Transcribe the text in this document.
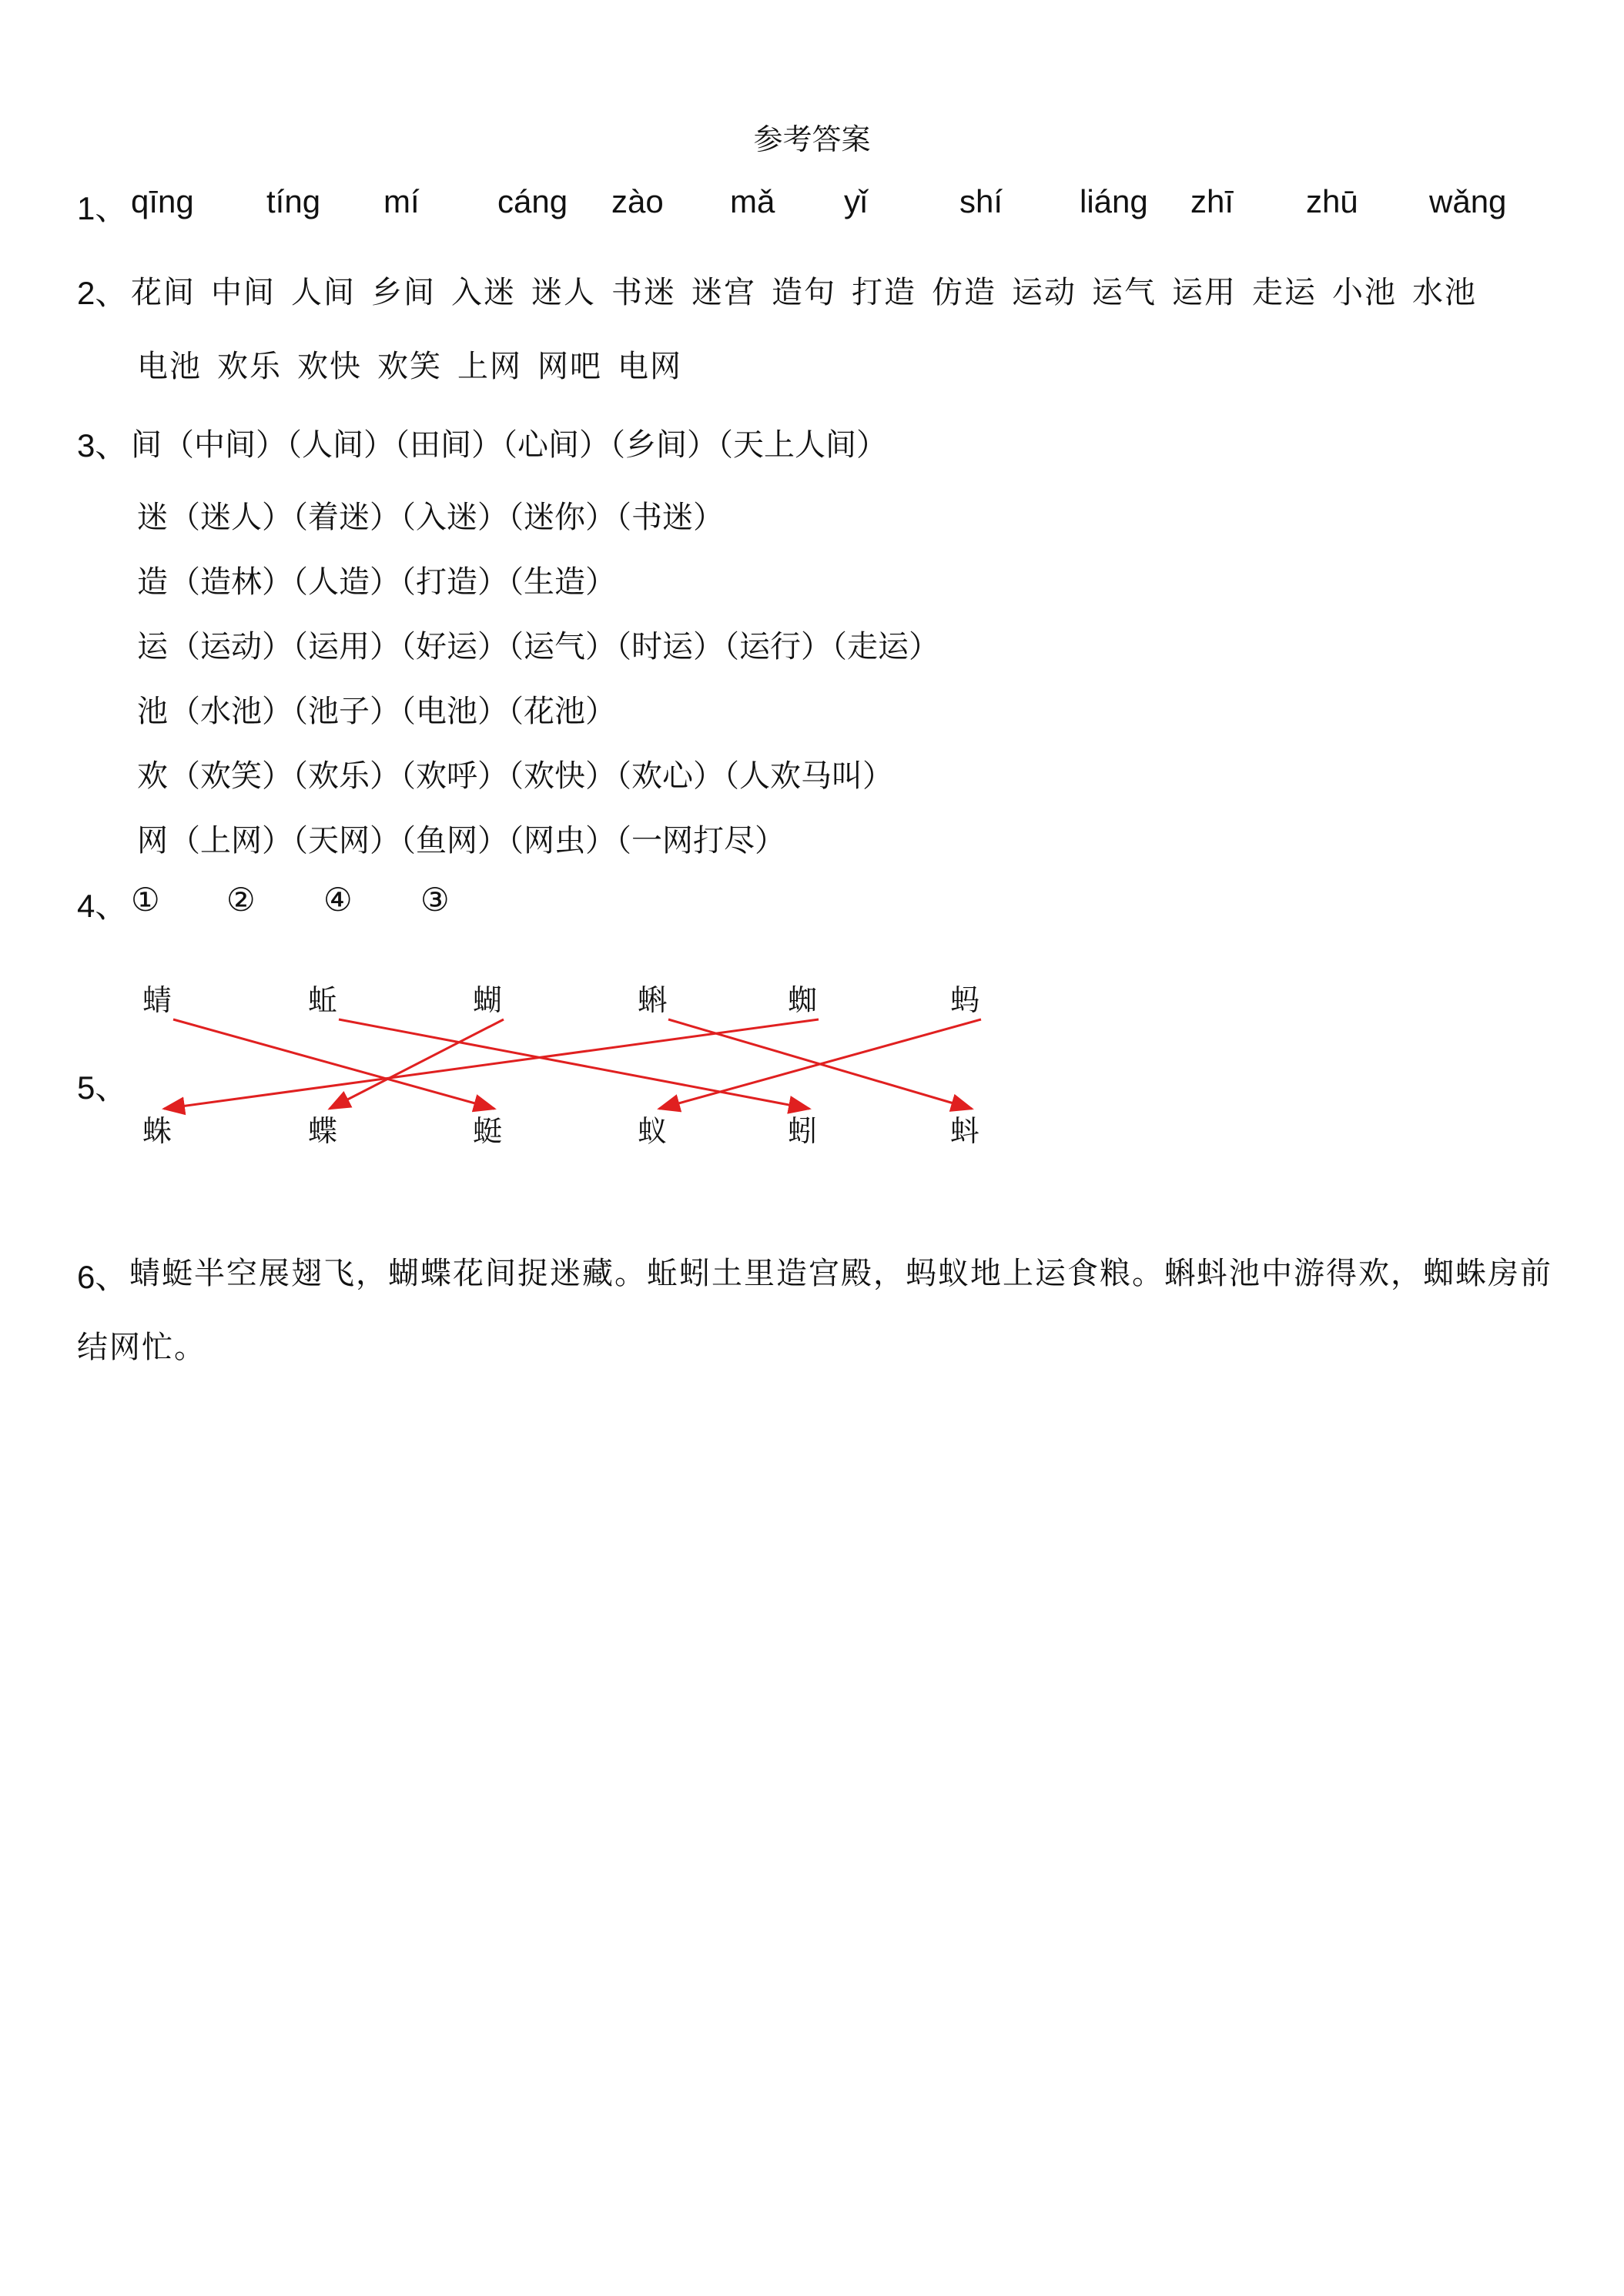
参考答案
1、 qīng tíng mí cáng zào mǎ yǐ	shí liáng zhī zhū wǎng
2、 花间 中间 人间 乡间 入迷 迷人 书迷 迷宫 造句 打造 仿造 运动 运气 运用 走运 小池 水池
电池 欢乐 欢快 欢笑 上网 网吧 电网
3、 间（中间）（人间）（田间）（心间）（乡间）（天上人间）
迷（迷人）（着迷）（入迷）（迷你）（书迷）
造（造林）（人造）（打造）（生造）
运（运动）（运用）（好运）（运气）（时运）（运行）（走运）
池（水池）（池子）（电池）（花池）
欢（欢笑）（欢乐）（欢呼）（欢快）（欢心）（人欢马叫）
网（上网）（天网）（鱼网）（网虫）（一网打尽）
4、 ① ② ④ ③
5、
蜻	蚯	蝴	蝌	蜘	蚂
蛛	蝶	蜓	蚁	蚓	蚪
6、 蜻蜓半空展翅飞，蝴蝶花间捉迷藏。蚯蚓土里造宫殿，蚂蚁地上运食粮。蝌蚪池中游得欢，蜘蛛房前结网忙。
